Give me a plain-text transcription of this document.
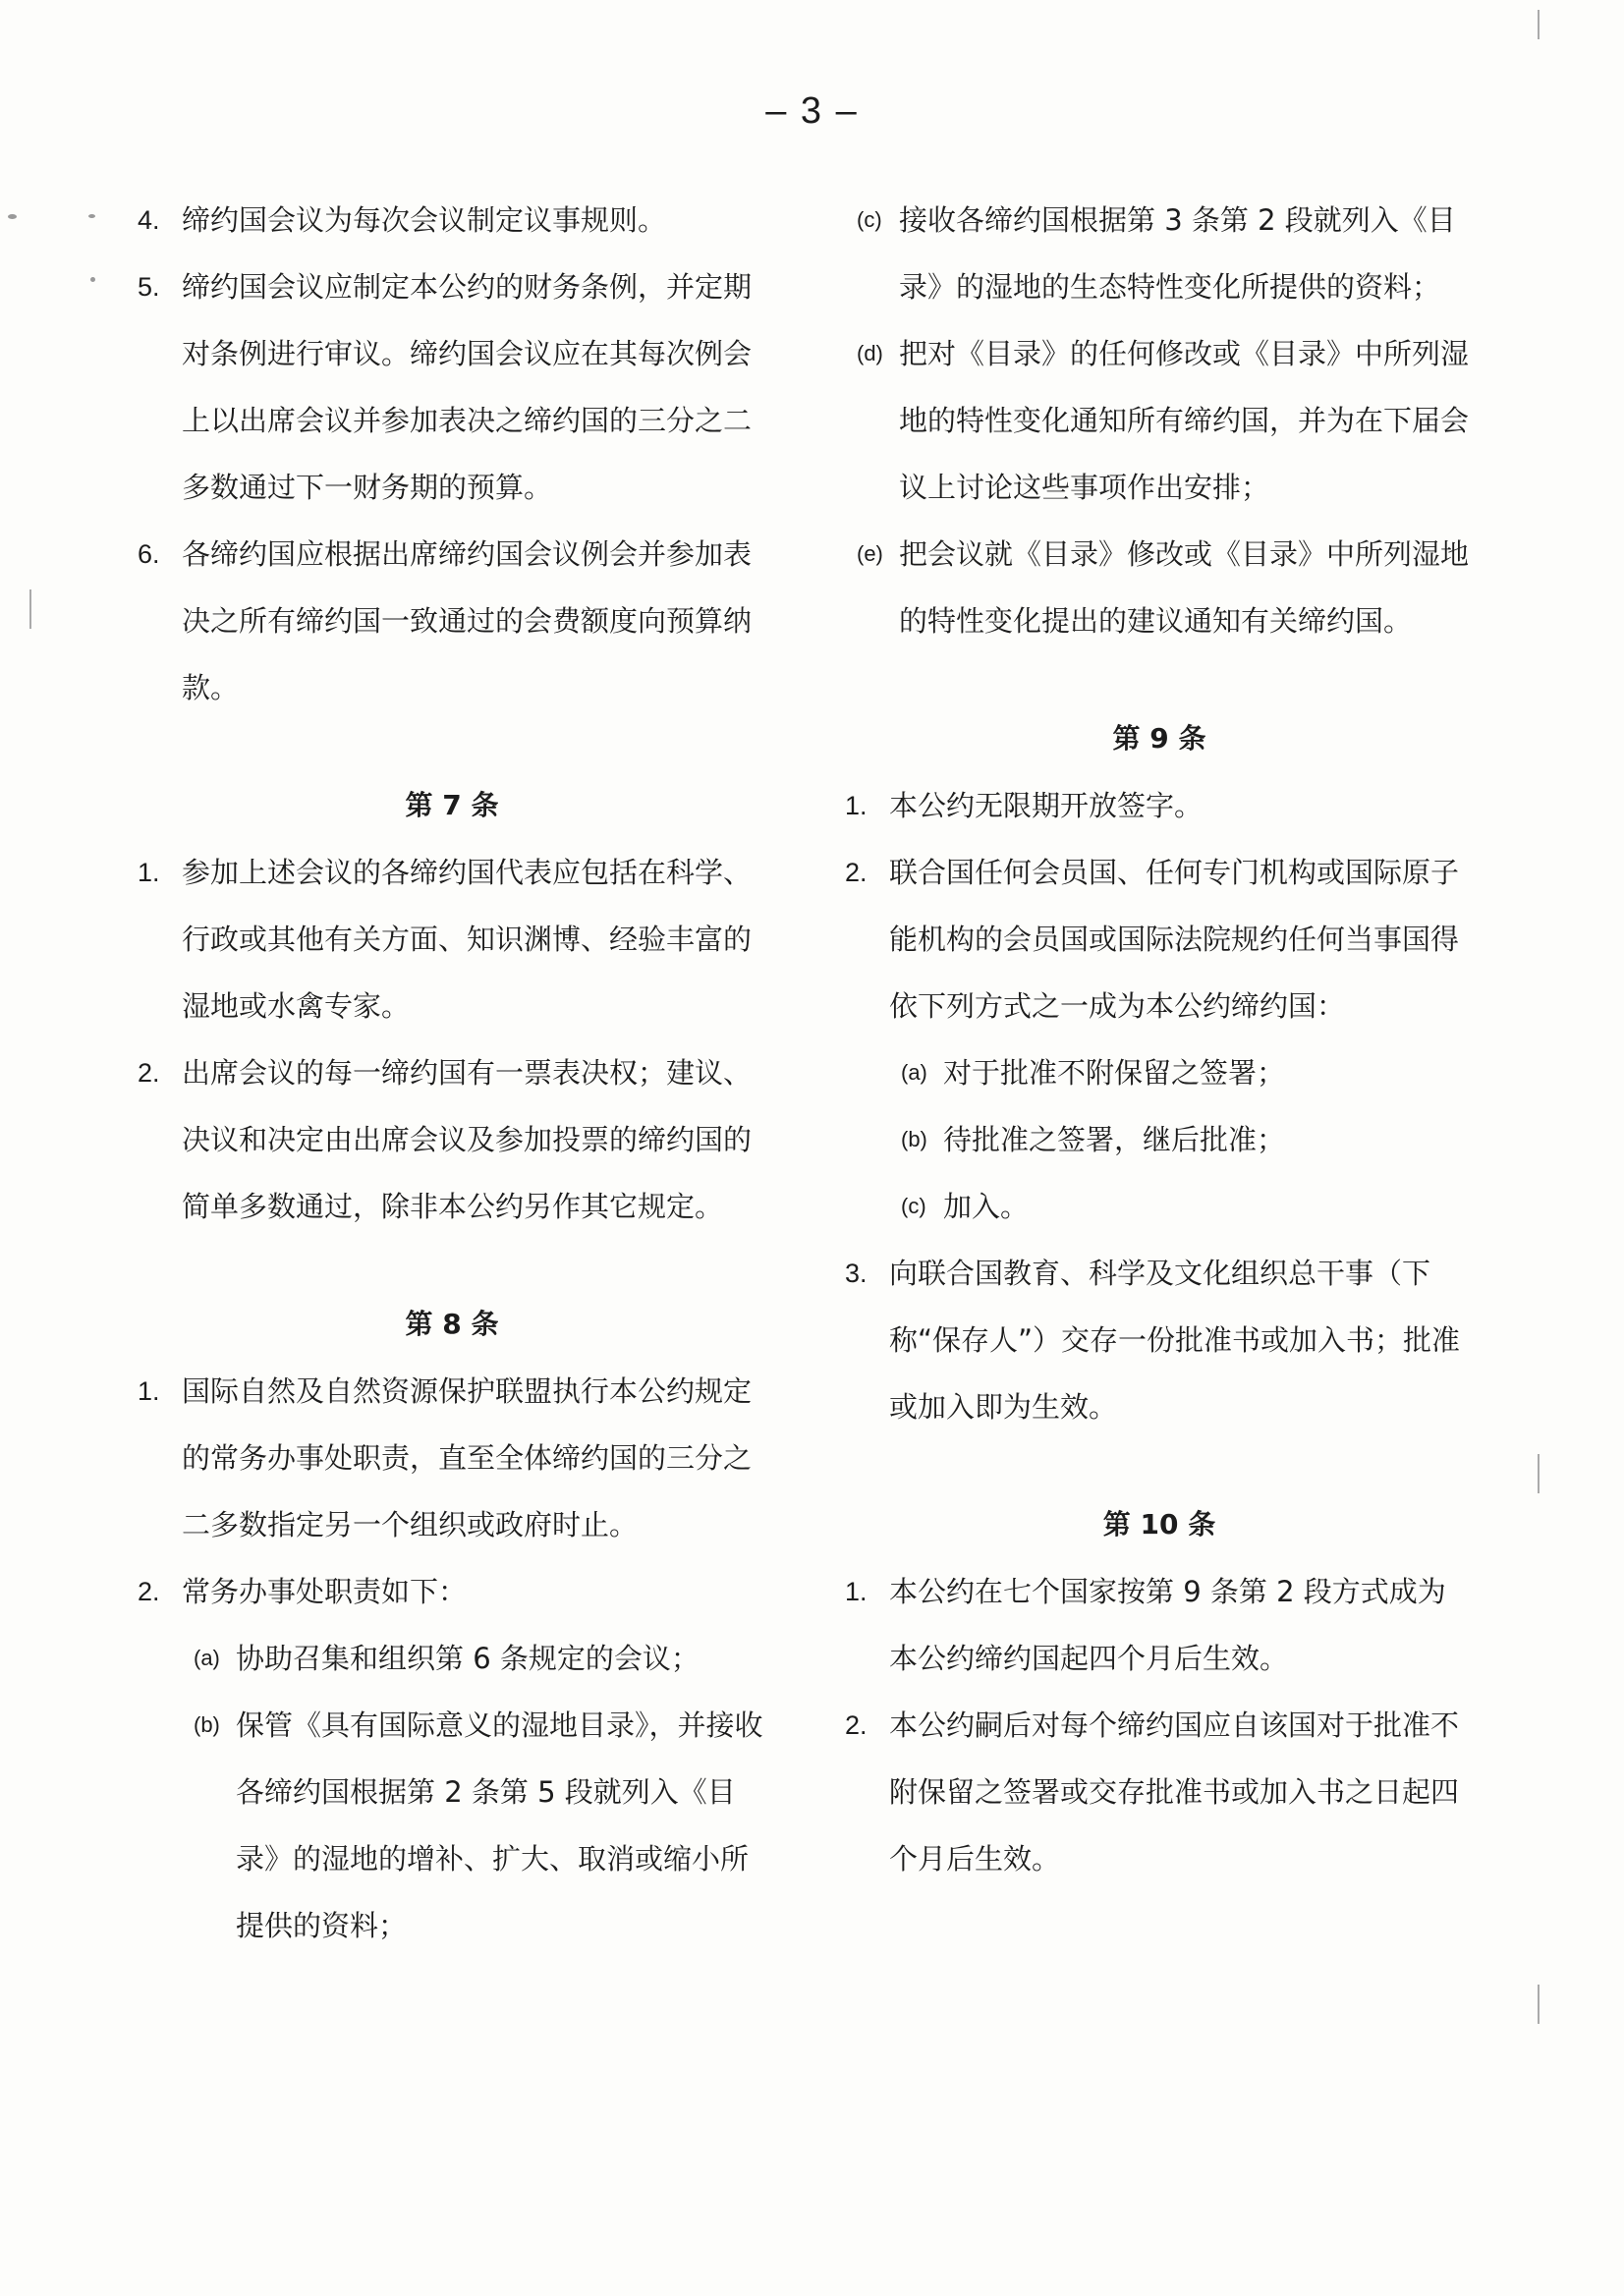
– 3 –
4. 缔约国会议为每次会议制定议事规则。
5. 缔约国会议应制定本公约的财务条例，并定期对条例进行审议。缔约国会议应在其每次例会上以出席会议并参加表决之缔约国的三分之二多数通过下一财务期的预算。
6. 各缔约国应根据出席缔约国会议例会并参加表决之所有缔约国一致通过的会费额度向预算纳款。
第 7 条
1. 参加上述会议的各缔约国代表应包括在科学、行政或其他有关方面、知识渊博、经验丰富的湿地或水禽专家。
2. 出席会议的每一缔约国有一票表决权；建议、决议和决定由出席会议及参加投票的缔约国的简单多数通过，除非本公约另作其它规定。
第 8 条
1. 国际自然及自然资源保护联盟执行本公约规定的常务办事处职责，直至全体缔约国的三分之二多数指定另一个组织或政府时止。
2. 常务办事处职责如下：
(a) 协助召集和组织第 6 条规定的会议；
(b) 保管《具有国际意义的湿地目录》，并接收各缔约国根据第 2 条第 5 段就列入《目录》的湿地的增补、扩大、取消或缩小所提供的资料；
(c) 接收各缔约国根据第 3 条第 2 段就列入《目录》的湿地的生态特性变化所提供的资料；
(d) 把对《目录》的任何修改或《目录》中所列湿地的特性变化通知所有缔约国，并为在下届会议上讨论这些事项作出安排；
(e) 把会议就《目录》修改或《目录》中所列湿地的特性变化提出的建议通知有关缔约国。
第 9 条
1. 本公约无限期开放签字。
2. 联合国任何会员国、任何专门机构或国际原子能机构的会员国或国际法院规约任何当事国得依下列方式之一成为本公约缔约国：
(a) 对于批准不附保留之签署；
(b) 待批准之签署，继后批准；
(c) 加入。
3. 向联合国教育、科学及文化组织总干事（下称“保存人”）交存一份批准书或加入书；批准或加入即为生效。
第 10 条
1. 本公约在七个国家按第 9 条第 2 段方式成为本公约缔约国起四个月后生效。
2. 本公约嗣后对每个缔约国应自该国对于批准不附保留之签署或交存批准书或加入书之日起四个月后生效。
